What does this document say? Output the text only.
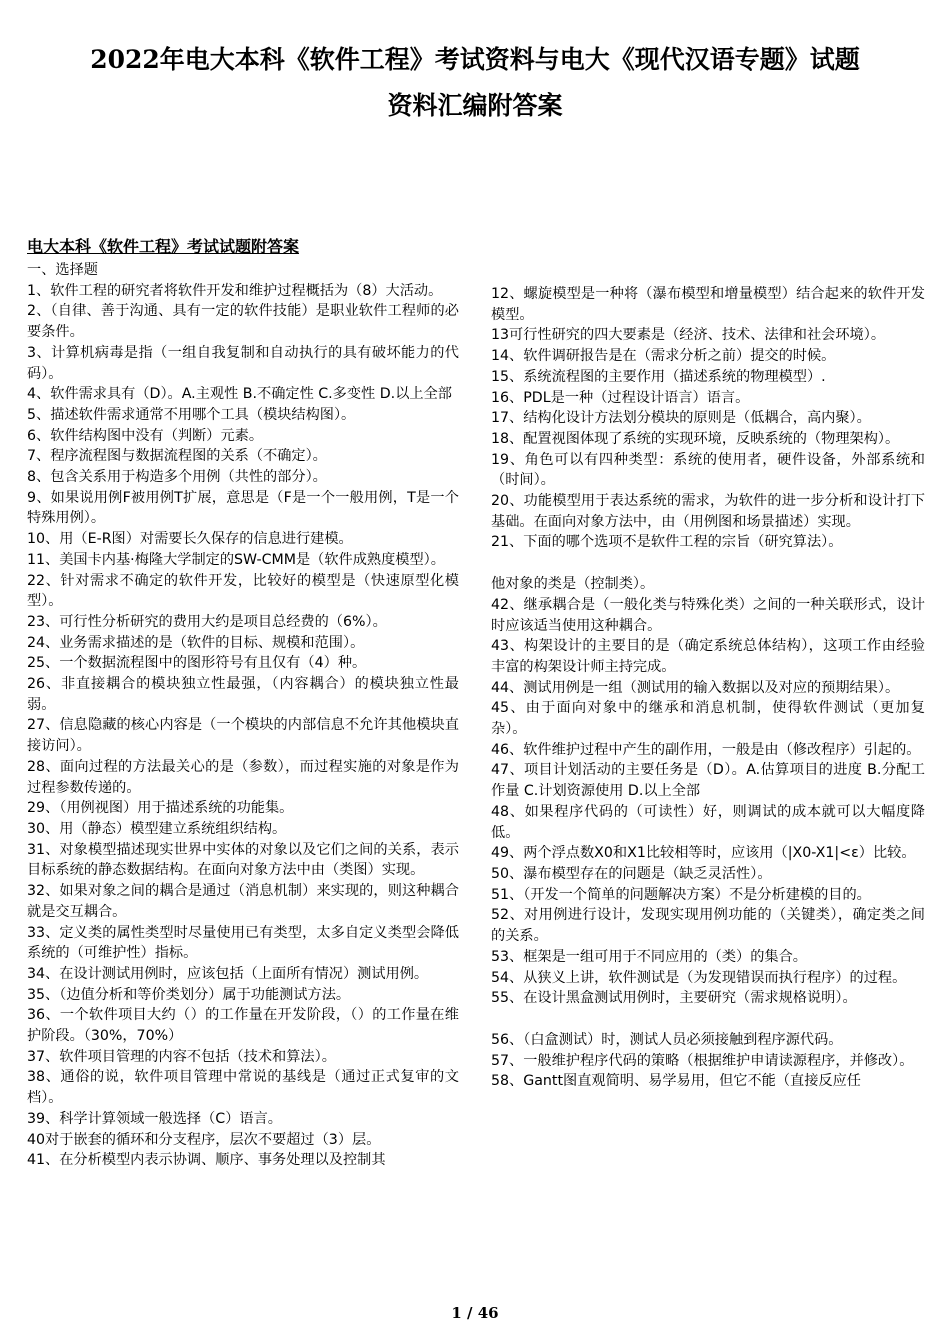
2022年电大本科《软件工程》考试资料与电大《现代汉语专题》试题
资料汇编附答案
电大本科《软件工程》考试试题附答案

一、选择题

1、软件工程的研究者将软件开发和维护过程概括为（8）大活动。

2、（自律、善于沟通、具有一定的软件技能）是职业软件工程师的必要条件。

3、计算机病毒是指（一组自我复制和自动执行的具有破坏能力的代码）。

4、软件需求具有（D）。A.主观性 B.不确定性 C.多变性 D.以上全部

5、描述软件需求通常不用哪个工具（模块结构图）。

6、软件结构图中没有（判断）元素。

7、程序流程图与数据流程图的关系（不确定）。

8、包含关系用于构造多个用例（共性的部分）。

9、如果说用例F被用例T扩展，意思是（F是一个一般用例，T是一个特殊用例）。

10、用（E-R图）对需要长久保存的信息进行建模。

11、美国卡内基·梅隆大学制定的SW-CMM是（软件成熟度模型）。

22、针对需求不确定的软件开发，比较好的模型是（快速原型化模型）。

23、可行性分析研究的费用大约是项目总经费的（6%）。

24、业务需求描述的是（软件的目标、规模和范围）。

25、一个数据流程图中的图形符号有且仅有（4）种。

26、非直接耦合的模块独立性最强，（内容耦合）的模块独立性最弱。

27、信息隐藏的核心内容是（一个模块的内部信息不允许其他模块直接访问）。

28、面向过程的方法最关心的是（参数），而过程实施的对象是作为过程参数传递的。

29、（用例视图）用于描述系统的功能集。

30、用（静态）模型建立系统组织结构。

31、对象模型描述现实世界中实体的对象以及它们之间的关系，表示目标系统的静态数据结构。在面向对象方法中由（类图）实现。

32、如果对象之间的耦合是通过（消息机制）来实现的，则这种耦合就是交互耦合。

33、定义类的属性类型时尽量使用已有类型，太多自定义类型会降低系统的（可维护性）指标。

34、在设计测试用例时，应该包括（上面所有情况）测试用例。

35、（边值分析和等价类划分）属于功能测试方法。

36、一个软件项目大约（）的工作量在开发阶段，（）的工作量在维护阶段。（30%，70%）

37、软件项目管理的内容不包括（技术和算法）。

38、通俗的说，软件项目管理中常说的基线是（通过正式复审的文档）。

39、科学计算领域一般选择（C）语言。

40对于嵌套的循环和分支程序，层次不要超过（3）层。

41、在分析模型内表示协调、顺序、事务处理以及控制其

12、螺旋模型是一种将（瀑布模型和增量模型）结合起来的软件开发模型。

13可行性研究的四大要素是（经济、技术、法律和社会环境）。

14、软件调研报告是在（需求分析之前）提交的时候。

15、系统流程图的主要作用（描述系统的物理模型）.

16、PDL是一种（过程设计语言）语言。

17、结构化设计方法划分模块的原则是（低耦合，高内聚）。

18、配置视图体现了系统的实现环境，反映系统的（物理架构）。

19、角色可以有四种类型：系统的使用者，硬件设备，外部系统和（时间）。

20、功能模型用于表达系统的需求，为软件的进一步分析和设计打下基础。在面向对象方法中，由（用例图和场景描述）实现。

21、下面的哪个选项不是软件工程的宗旨（研究算法）。

他对象的类是（控制类）。

42、继承耦合是（一般化类与特殊化类）之间的一种关联形式，设计时应该适当使用这种耦合。

43、构架设计的主要目的是（确定系统总体结构），这项工作由经验丰富的构架设计师主持完成。

44、测试用例是一组（测试用的输入数据以及对应的预期结果）。

45、由于面向对象中的继承和消息机制，使得软件测试（更加复杂）。

46、软件维护过程中产生的副作用，一般是由（修改程序）引起的。

47、项目计划活动的主要任务是（D）。A.估算项目的进度 B.分配工作量 C.计划资源使用 D.以上全部

48、如果程序代码的（可读性）好，则调试的成本就可以大幅度降低。

49、两个浮点数X0和X1比较相等时，应该用（|X0-X1|<ε）比较。

50、瀑布模型存在的问题是（缺乏灵活性）。

51、（开发一个简单的问题解决方案）不是分析建模的目的。

52、对用例进行设计，发现实现用例功能的（关键类），确定类之间的关系。

53、框架是一组可用于不同应用的（类）的集合。

54、从狭义上讲，软件测试是（为发现错误而执行程序）的过程。

55、在设计黑盒测试用例时，主要研究（需求规格说明）。

56、（白盒测试）时，测试人员必须接触到程序源代码。

57、一般维护程序代码的策略（根据维护申请读源程序，并修改）。

58、Gantt图直观简明、易学易用，但它不能（直接反应任

1 / 46
